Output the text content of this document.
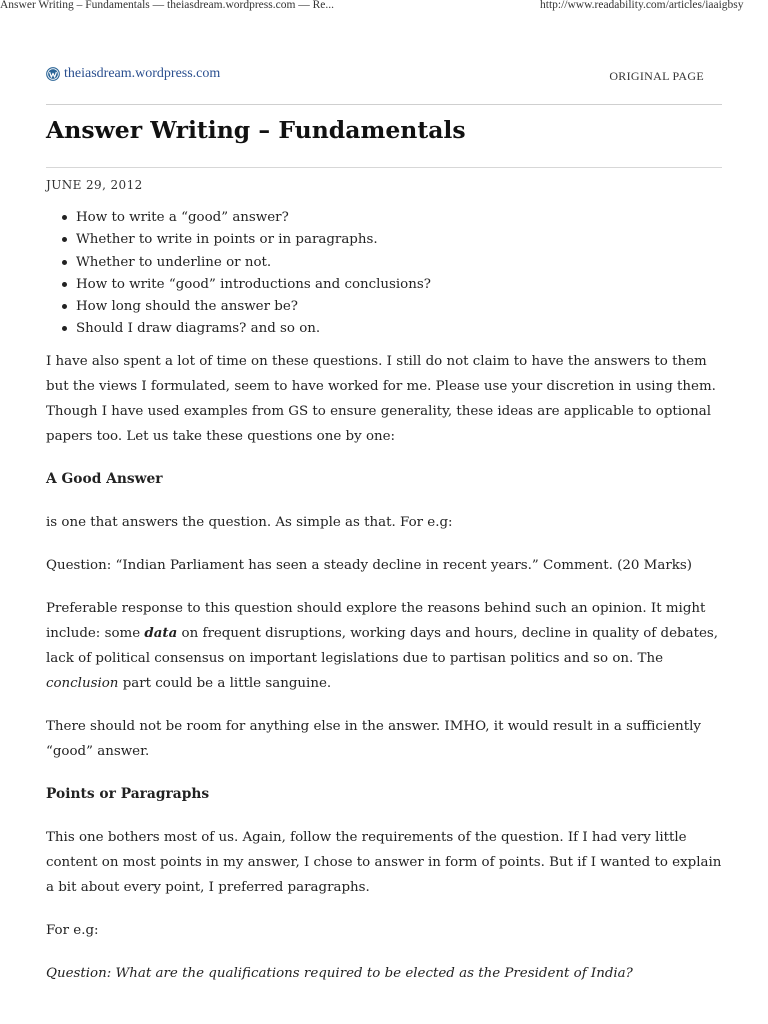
Answer Writing – Fundamentals — theiasdream.wordpress.com — Re...	http://www.readability.com/articles/iaaigbsy
theiasdream.wordpress.com	ORIGINAL PAGE
Answer Writing – Fundamentals
JUNE 29, 2012
How to write a “good” answer?
Whether to write in points or in paragraphs.
Whether to underline or not.
How to write “good” introductions and conclusions?
How long should the answer be?
Should I draw diagrams? and so on.

I have also spent a lot of time on these questions. I still do not claim to have the answers to them but the views I formulated, seem to have worked for me. Please use your discretion in using them. Though I have used examples from GS to ensure generality, these ideas are applicable to optional papers too. Let us take these questions one by one:

A Good Answer

is one that answers the question. As simple as that. For e.g:

Question: “Indian Parliament has seen a steady decline in recent years.” Comment. (20 Marks)

Preferable response to this question should explore the reasons behind such an opinion. It might include: some data on frequent disruptions, working days and hours, decline in quality of debates, lack of political consensus on important legislations due to partisan politics and so on. The conclusion part could be a little sanguine.

There should not be room for anything else in the answer. IMHO, it would result in a sufficiently “good” answer.

Points or Paragraphs

This one bothers most of us. Again, follow the requirements of the question. If I had very little content on most points in my answer, I chose to answer in form of points. But if I wanted to explain a bit about every point, I preferred paragraphs.

For e.g:

Question: What are the qualifications required to be elected as the President of India?
